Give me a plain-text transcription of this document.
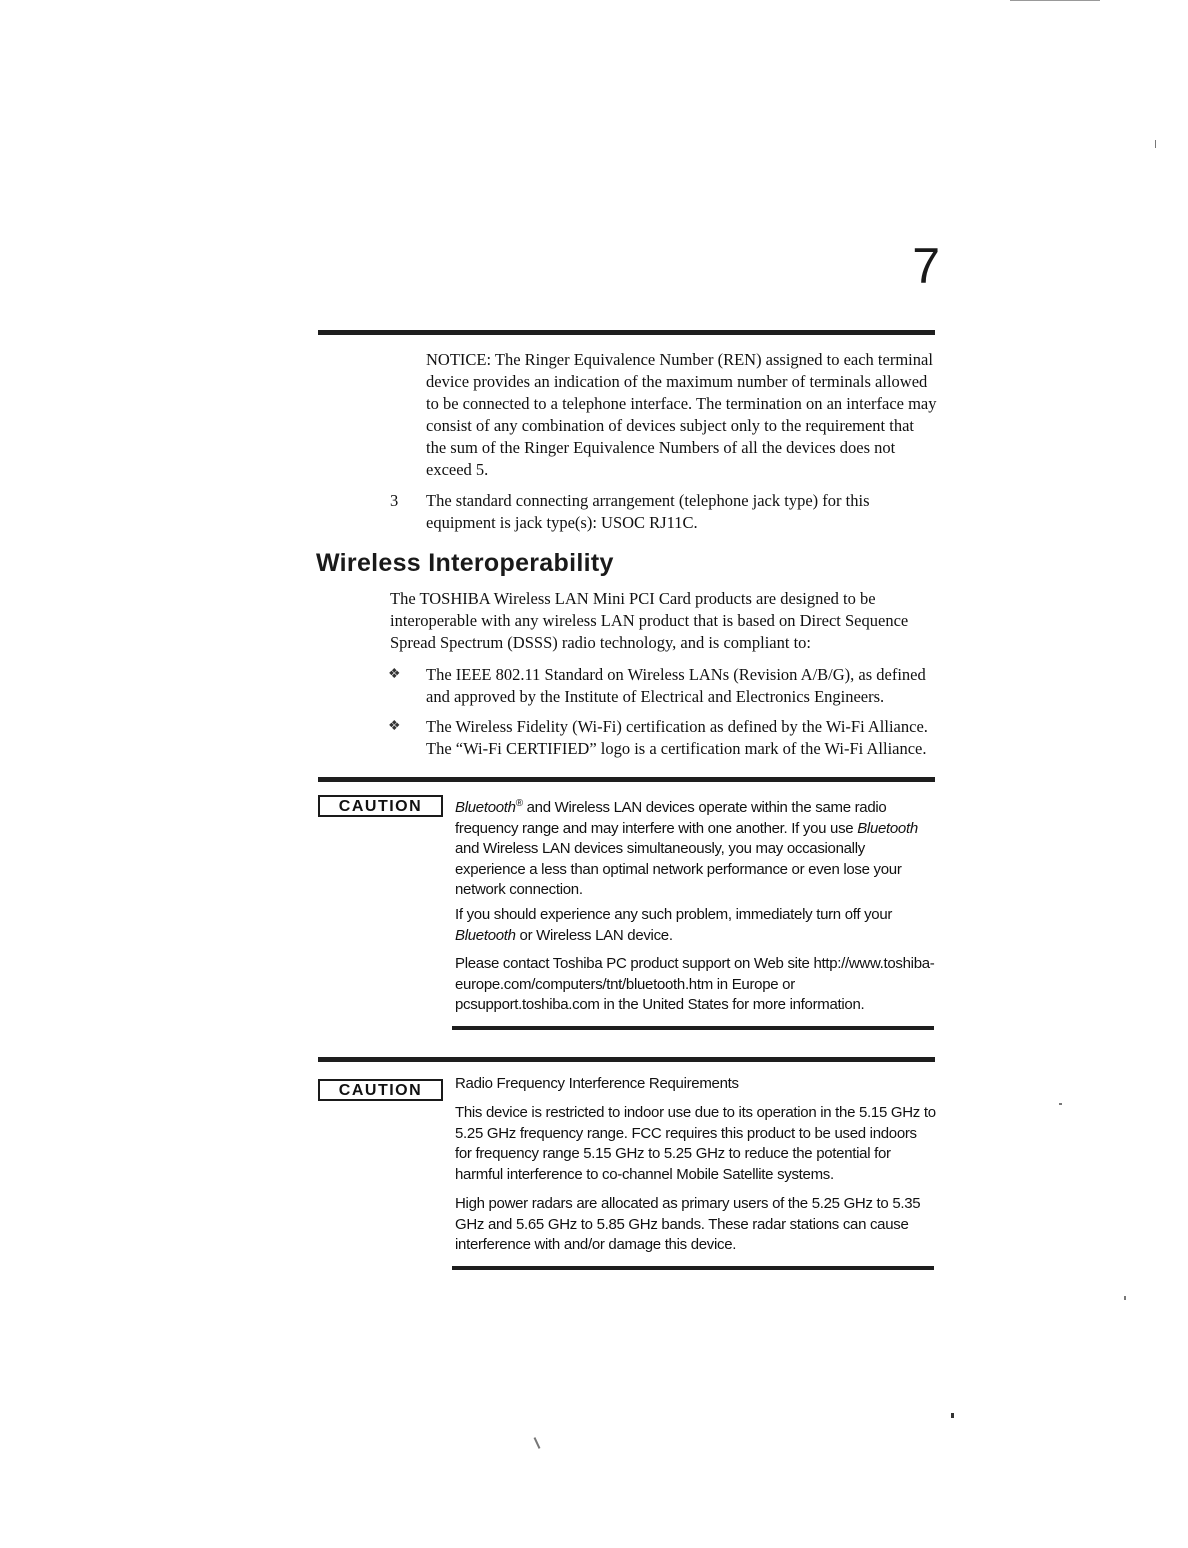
7

NOTICE: The Ringer Equivalence Number (REN) assigned to each terminal device provides an indication of the maximum number of terminals allowed to be connected to a telephone interface. The termination on an interface may consist of any combination of devices subject only to the requirement that the sum of the Ringer Equivalence Numbers of all the devices does not exceed 5.

3 The standard connecting arrangement (telephone jack type) for this equipment is jack type(s): USOC RJ11C.

Wireless Interoperability

The TOSHIBA Wireless LAN Mini PCI Card products are designed to be interoperable with any wireless LAN product that is based on Direct Sequence Spread Spectrum (DSSS) radio technology, and is compliant to:

❖ The IEEE 802.11 Standard on Wireless LANs (Revision A/B/G), as defined and approved by the Institute of Electrical and Electronics Engineers.

❖ The Wireless Fidelity (Wi-Fi) certification as defined by the Wi-Fi Alliance. The “Wi-Fi CERTIFIED” logo is a certification mark of the Wi-Fi Alliance.

CAUTION	Bluetooth® and Wireless LAN devices operate within the same radio frequency range and may interfere with one another. If you use Bluetooth and Wireless LAN devices simultaneously, you may occasionally experience a less than optimal network performance or even lose your network connection.

If you should experience any such problem, immediately turn off your Bluetooth or Wireless LAN device.

Please contact Toshiba PC product support on Web site http://www.toshiba-europe.com/computers/tnt/bluetooth.htm in Europe or pcsupport.toshiba.com in the United States for more information.

CAUTION	Radio Frequency Interference Requirements

This device is restricted to indoor use due to its operation in the 5.15 GHz to 5.25 GHz frequency range. FCC requires this product to be used indoors for frequency range 5.15 GHz to 5.25 GHz to reduce the potential for harmful interference to co-channel Mobile Satellite systems.

High power radars are allocated as primary users of the 5.25 GHz to 5.35 GHz and 5.65 GHz to 5.85 GHz bands. These radar stations can cause interference with and/or damage this device.
